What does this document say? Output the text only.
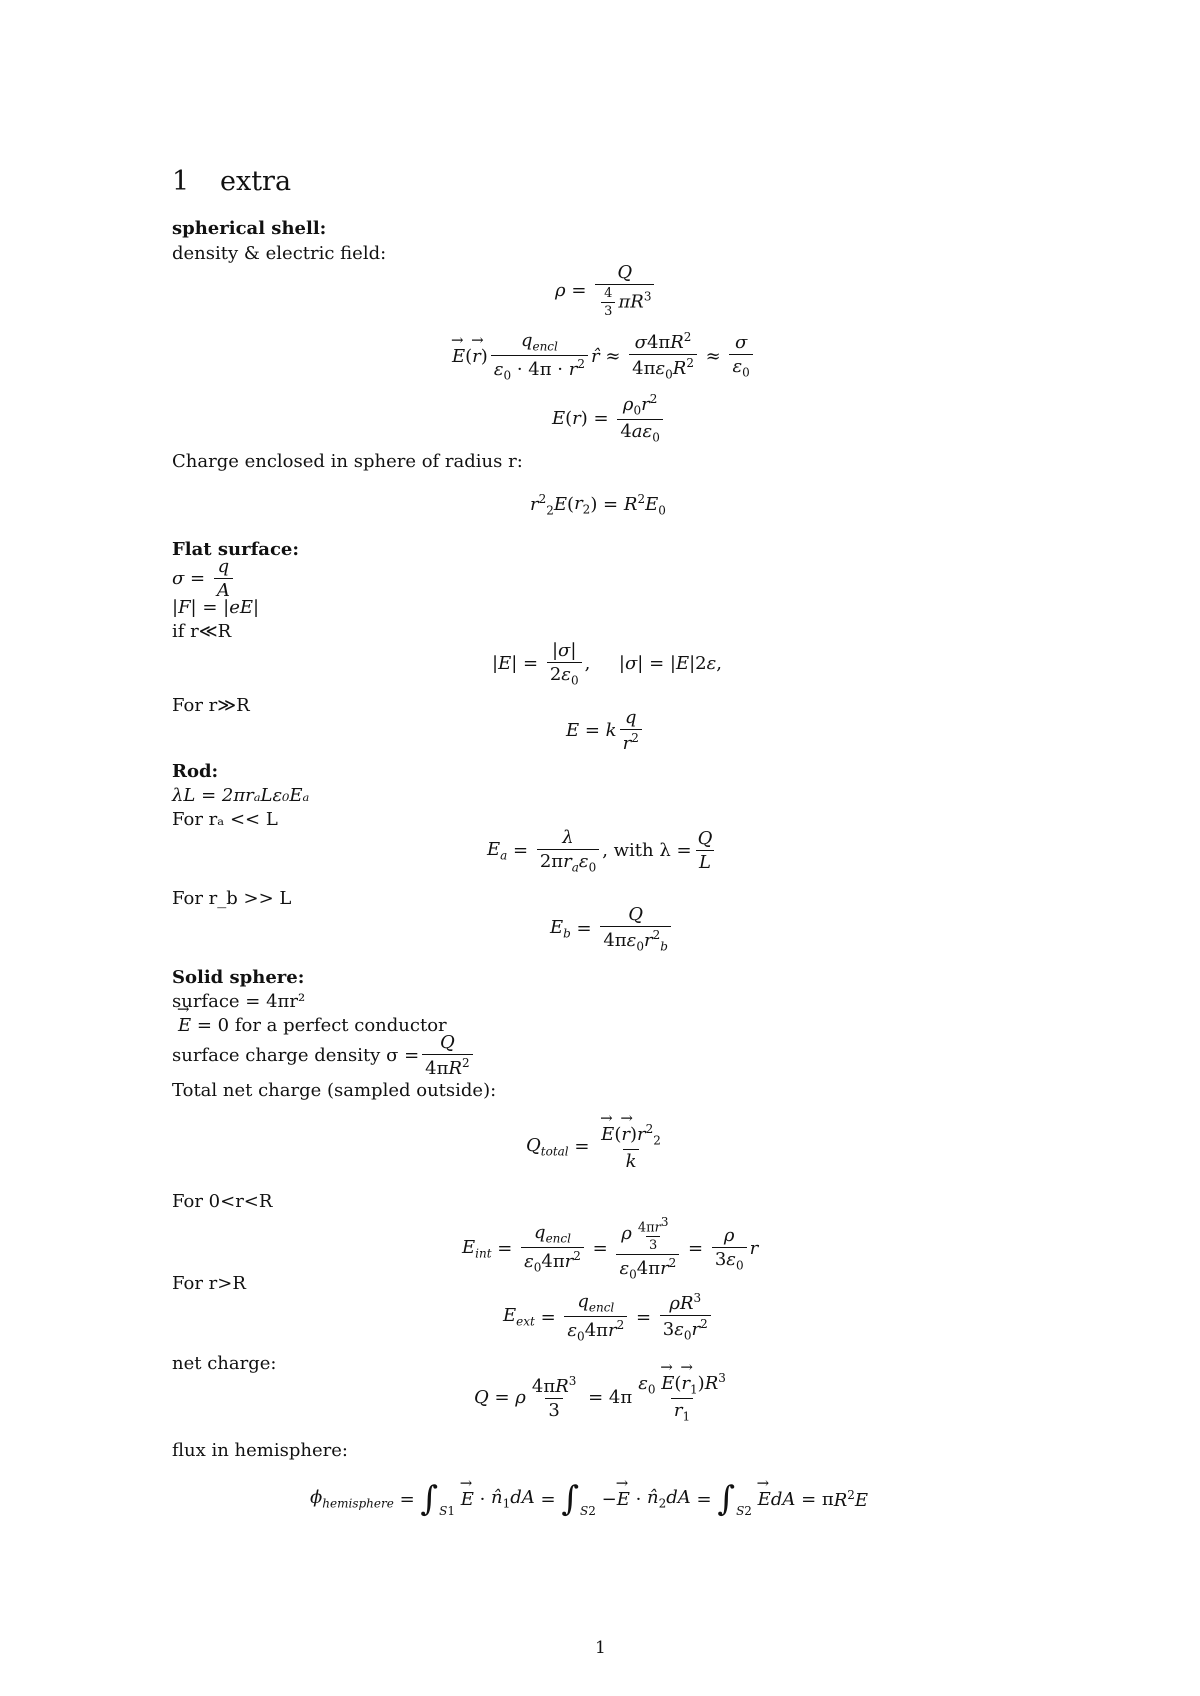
1 extra
spherical shell:
density & electric field:
$\rho = \frac{Q}{\frac{4}{3} \pi R^3}$
→ E ( → r ) $\frac{q_{encl}}{\varepsilon_0 \cdot 4\pi \cdot r^2}$ r̂ ≈ $\frac{\sigma 4\pi R^2}{4\pi\varepsilon_0R^2} \approx \frac{\sigma}{\varepsilon_0}$
E ( r ) = $\frac{\rho_0r^2}{4a\varepsilon_0}$
Charge enclosed in sphere of radius r:
$r^2_2E$ ( $r_2$ ) = $R^2E_0$
Flat surface:
$\sigma = \frac{q}{A}$
|F| = |eE|
if r≪R
| E | = $\frac{|\sigma|}{2\varepsilon_0}$ ,     | σ | = | E |2 ε ,
For r≫R
E = k $\frac{q}{r^2}$
Rod:
λL = 2πrₐLε₀Eₐ
For rₐ << L
$E_a = \frac{\lambda}{2\pi r_a\varepsilon_0}$ , with $\lambda = \frac{Q}{L}$
For r_b >> L
$E_b = \frac{Q}{4\pi\varepsilon_0r^2_b}$
Solid sphere:
surface = 4πr²
→ E
= 0 for a perfect conductor
surface charge density $\sigma = \frac{Q}{4\pi R^2}$
Total net charge (sampled outside):
$Q_{total}$ = → $\frac{E(\to r)r^2_2}{k}$
For 0<r<R
$E_{int} = \frac{q_{encl}}{\varepsilon_04\pi r^2} = \frac{\rho \frac{4\pi r^3}{3}}{\varepsilon_04\pi r^2} = \frac{\rho}{3\varepsilon_0}$ r
For r>R
$E_{ext} = \frac{q_{encl}}{\varepsilon_04\pi r^2} = \frac{\rho R^3}{3\varepsilon_0r^2}$
net charge:
Q = ρ $\frac{4\pi R^3}{3} = 4\pi \frac{\varepsilon_0 \to E(\to r_1)R^3}{r_1}$
flux in hemisphere:
$\phi_{hemisphere} = \int_{S1}$

→ $E \cdot n̂_1dA = \int_{S2}$

− → $E \cdot n̂_2dA = \int_{S2}$

→ E dA = π $R^2E$
1
